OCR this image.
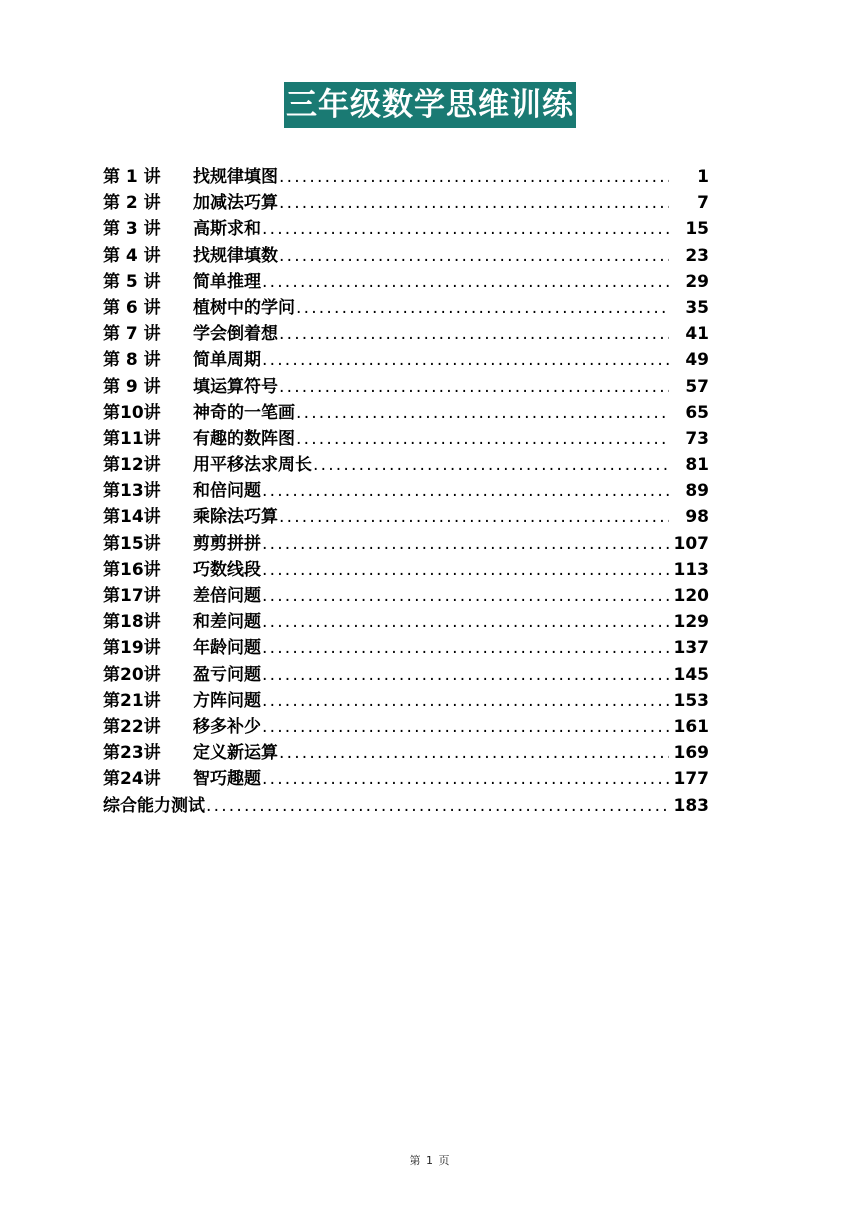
三年级数学思维训练
第 1 讲	找规律填图 .....	1
第 2 讲	加减法巧算 .....	7
第 3 讲	高斯求和 .....	15
第 4 讲	找规律填数 .....	23
第 5 讲	简单推理 .....	29
第 6 讲	植树中的学问 .....	35
第 7 讲	学会倒着想 .....	41
第 8 讲	简单周期 .....	49
第 9 讲	填运算符号 .....	57
第10讲	神奇的一笔画 .....	65
第11讲	有趣的数阵图 .....	73
第12讲	用平移法求周长 .....	81
第13讲	和倍问题 .....	89
第14讲	乘除法巧算 .....	98
第15讲	剪剪拼拼 .....	107
第16讲	巧数线段 .....	113
第17讲	差倍问题 .....	120
第18讲	和差问题 .....	129
第19讲	年龄问题 .....	137
第20讲	盈亏问题 .....	145
第21讲	方阵问题 .....	153
第22讲	移多补少 .....	161
第23讲	定义新运算 .....	169
第24讲	智巧趣题 .....	177
综合能力测试 .....	183
第 1 页
